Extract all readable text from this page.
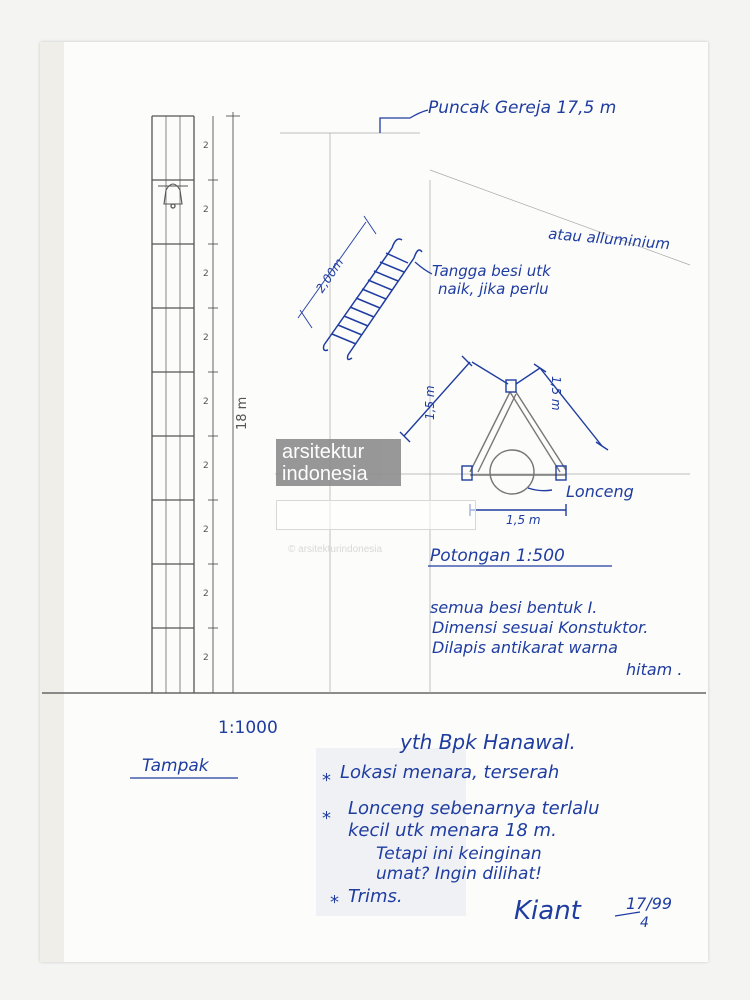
arsitektur
indonesia
© arsitekturindonesia
18 m
2
2
2
2
2
2
2
2
2
Puncak Gereja 17,5 m
atau alluminium
2,00m	Tangga besi utk
naik, jika perlu
1,5 m	1,5 m
1,5 m
Lonceng
Potongan 1:500
semua besi bentuk I.
Dimensi sesuai Konstuktor.
Dilapis antikarat warna
hitam .
1:1000
Tampak
yth Bpk Hanawal.
* Lokasi menara, terserah
* Lonceng sebenarnya terlalu
kecil utk menara 18 m.
Tetapi ini keinginan
umat? Ingin dilihat!
* Trims.	Kiant	17/99
4
